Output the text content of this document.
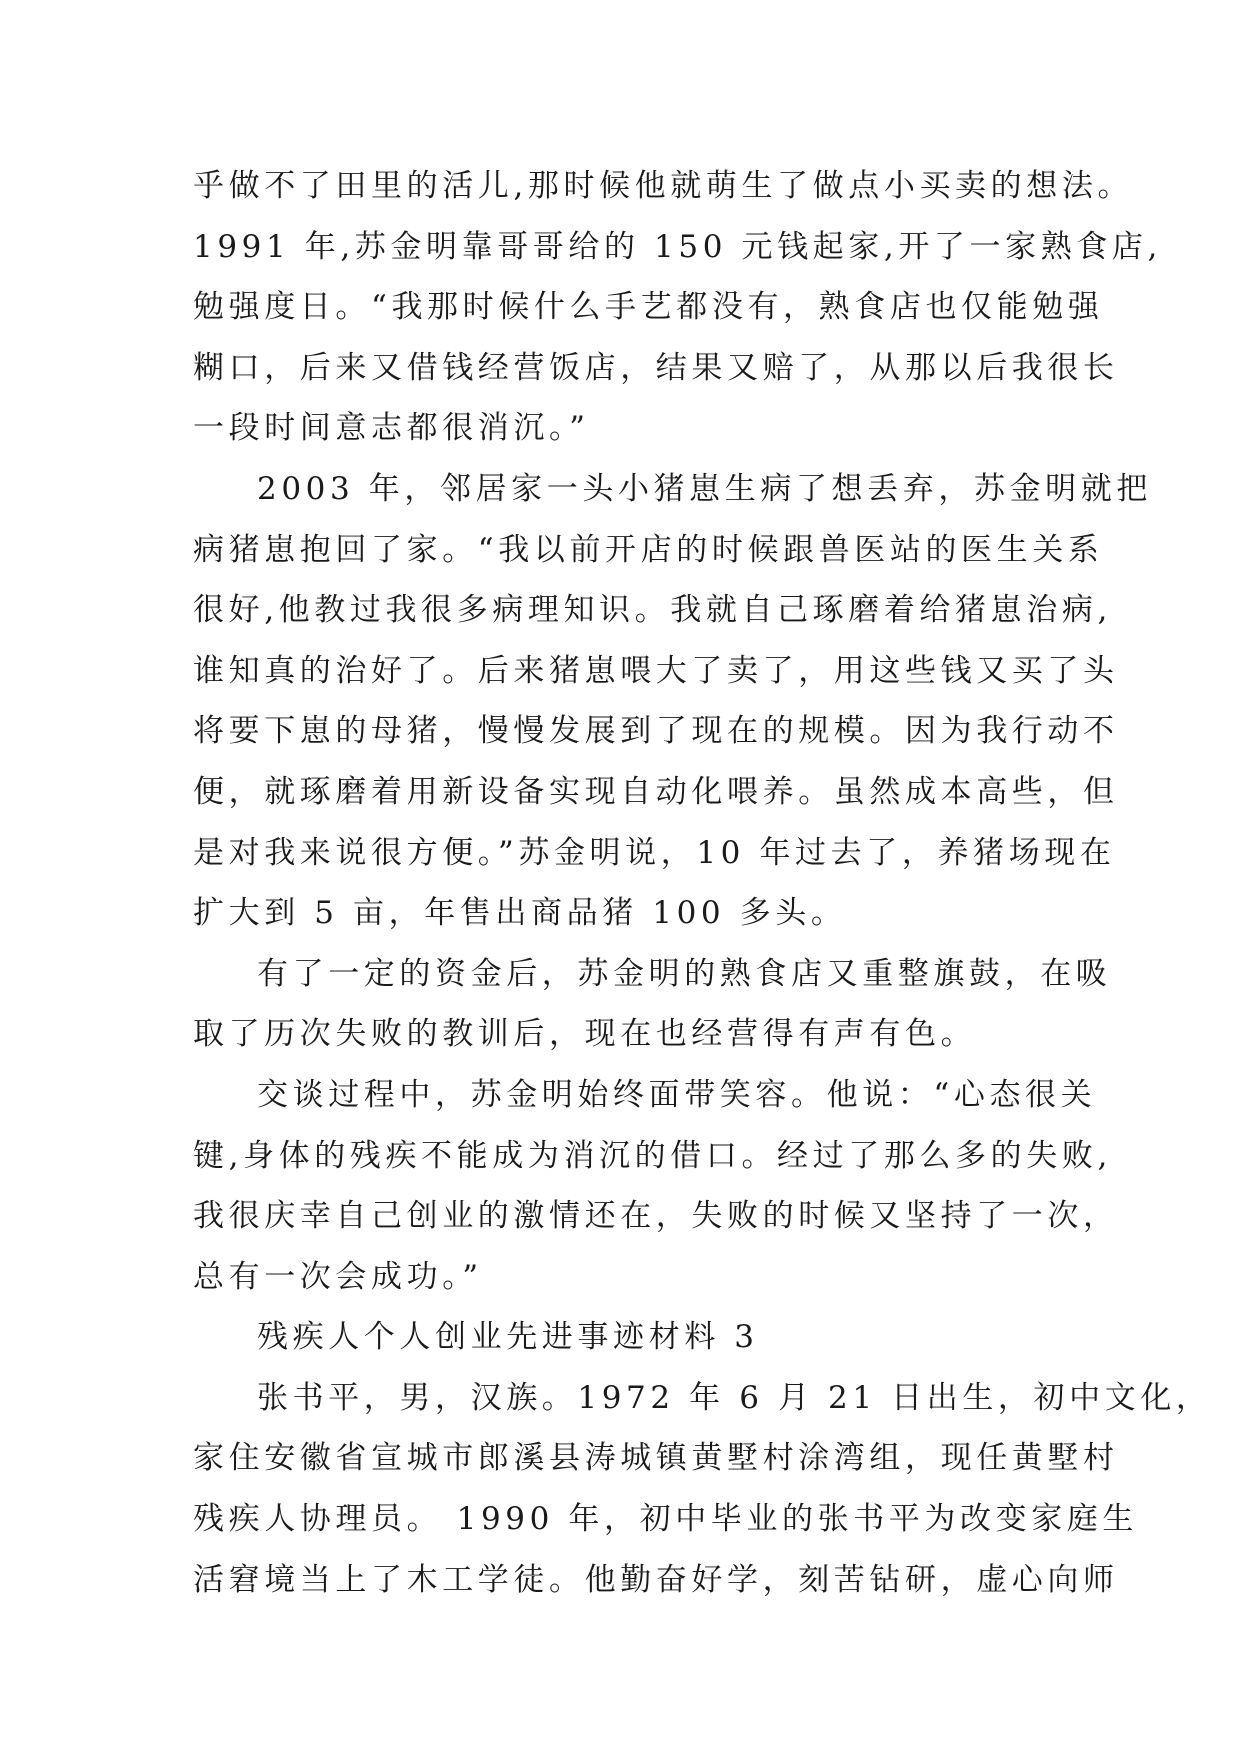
乎做不了田里的活儿,那时候他就萌生了做点小买卖的想法。
1991 年,苏金明靠哥哥给的 150 元钱起家,开了一家熟食店,
勉强度日。“我那时候什么手艺都没有，熟食店也仅能勉强
糊口，后来又借钱经营饭店，结果又赔了，从那以后我很长
一段时间意志都很消沉。”
2003 年，邻居家一头小猪崽生病了想丢弃，苏金明就把
病猪崽抱回了家。“我以前开店的时候跟兽医站的医生关系
很好,他教过我很多病理知识。我就自己琢磨着给猪崽治病,
谁知真的治好了。后来猪崽喂大了卖了，用这些钱又买了头
将要下崽的母猪，慢慢发展到了现在的规模。因为我行动不
便，就琢磨着用新设备实现自动化喂养。虽然成本高些，但
是对我来说很方便。”苏金明说，10 年过去了，养猪场现在
扩大到 5 亩，年售出商品猪 100 多头。
有了一定的资金后，苏金明的熟食店又重整旗鼓，在吸
取了历次失败的教训后，现在也经营得有声有色。
交谈过程中，苏金明始终面带笑容。他说：“心态很关
键,身体的残疾不能成为消沉的借口。经过了那么多的失败,
我很庆幸自己创业的激情还在，失败的时候又坚持了一次，
总有一次会成功。”
残疾人个人创业先进事迹材料 3
张书平，男，汉族。1972 年 6 月 21 日出生，初中文化，
家住安徽省宣城市郎溪县涛城镇黄墅村涂湾组，现任黄墅村
残疾人协理员。 1990 年，初中毕业的张书平为改变家庭生
活窘境当上了木工学徒。他勤奋好学，刻苦钻研，虚心向师
